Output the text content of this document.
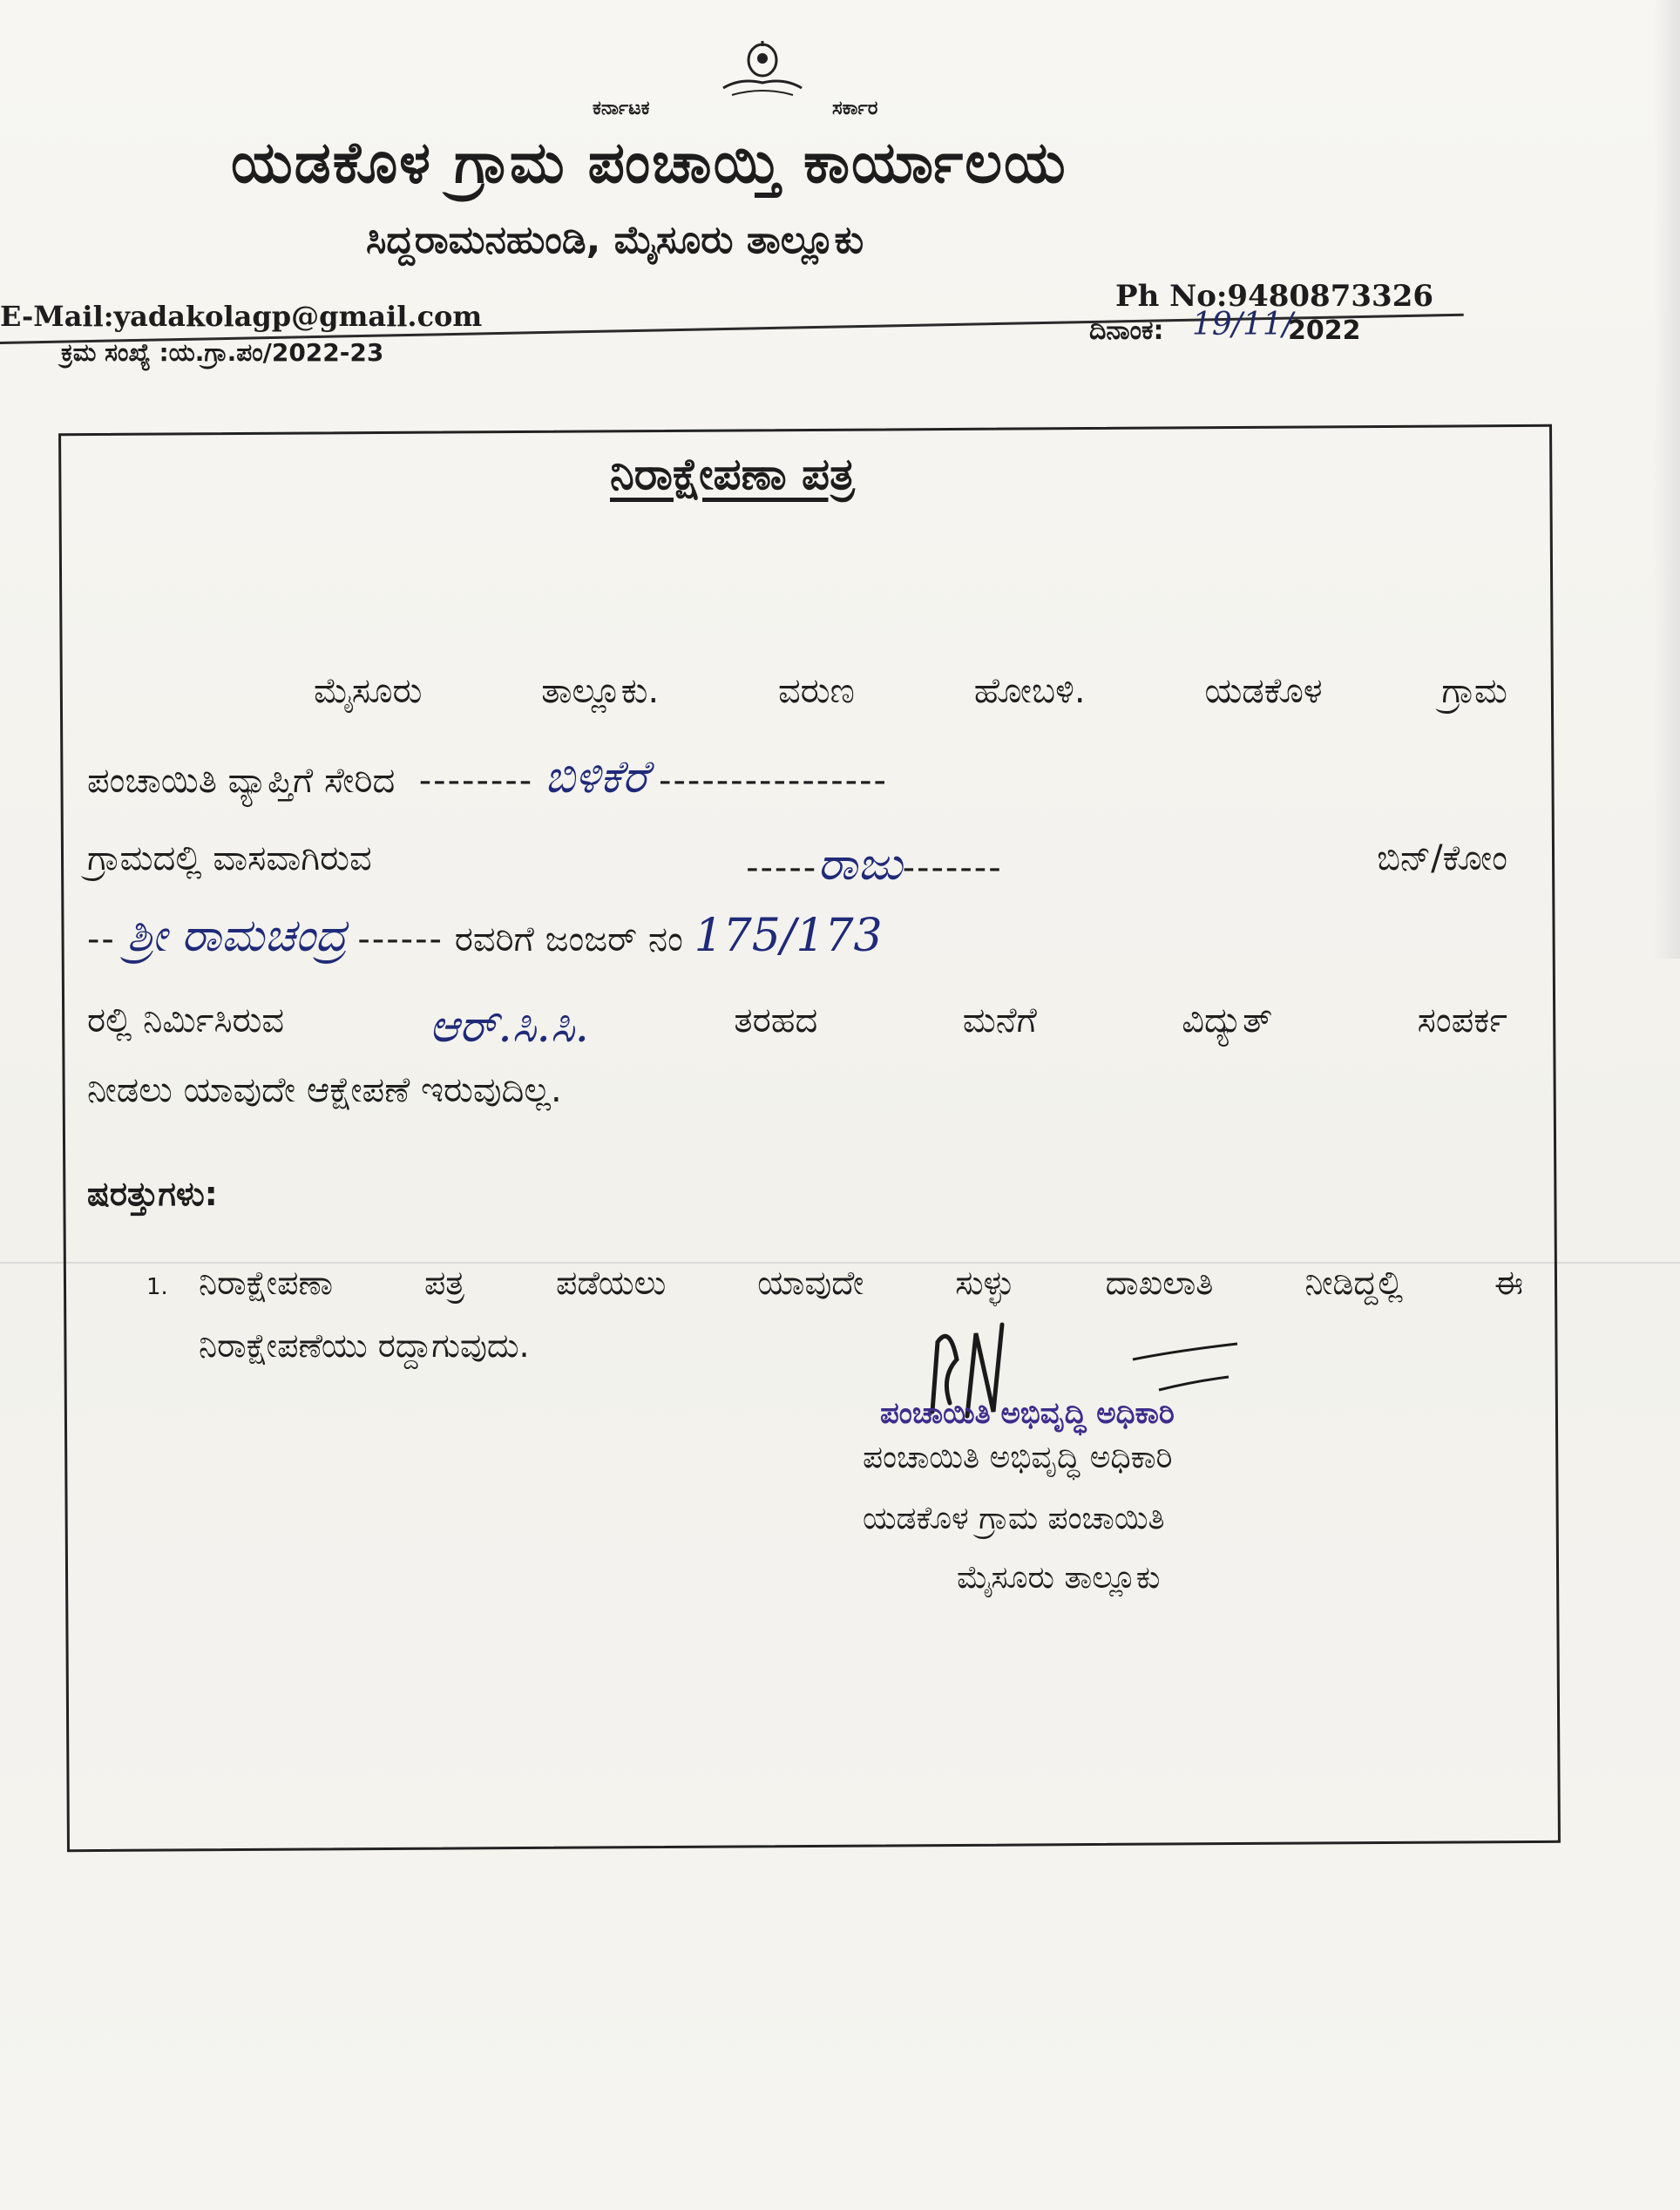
ಕರ್ನಾಟಕ	ಸರ್ಕಾರ
ಯಡಕೊಳ ಗ್ರಾಮ ಪಂಚಾಯ್ತಿ ಕಾರ್ಯಾಲಯ
ಸಿದ್ದರಾಮನಹುಂಡಿ, ಮೈಸೂರು ತಾಲ್ಲೂಕು
E-Mail:yadakolagp@gmail.com
Ph No:9480873326
ಕ್ರಮ ಸಂಖ್ಯೆ :ಯ.ಗ್ರಾ.ಪಂ/2022-23
ದಿನಾಂಕ: 19/11/
2022
ನಿರಾಕ್ಷೇಪಣಾ ಪತ್ರ
ಮೈಸೂರು	ತಾಲ್ಲೂಕು.	ವರುಣ	ಹೋಬಳಿ.	ಯಡಕೊಳ	ಗ್ರಾಮ
ಪಂಚಾಯಿತಿ ವ್ಯಾಪ್ತಿಗೆ ಸೇರಿದ  -------- ಬಿಳಿಕೆರೆ ----------------
ಗ್ರಾಮದಲ್ಲಿ ವಾಸವಾಗಿರುವ	-----ರಾಜು-------	ಬಿನ್/ಕೋಂ
-- ಶ್ರೀ ರಾಮಚಂದ್ರ ------ ರವರಿಗೆ ಜಂಜರ್ ನಂ 175/173
ರಲ್ಲಿ ನಿರ್ಮಿಸಿರುವ	ಆರ್.ಸಿ.ಸಿ.	ತರಹದ	ಮನೆಗೆ	ವಿದ್ಯುತ್	ಸಂಪರ್ಕ
ನೀಡಲು ಯಾವುದೇ ಆಕ್ಷೇಪಣೆ ಇರುವುದಿಲ್ಲ.
ಷರತ್ತುಗಳು:
1. ನಿರಾಕ್ಷೇಪಣಾ	ಪತ್ರ	ಪಡೆಯಲು	ಯಾವುದೇ	ಸುಳ್ಳು	ದಾಖಲಾತಿ	ನೀಡಿದ್ದಲ್ಲಿ	ಈ
ನಿರಾಕ್ಷೇಪಣೆಯು ರದ್ದಾಗುವುದು.
ಪಂಚಾಯಿತಿ ಅಭಿವೃದ್ಧಿ ಅಧಿಕಾರಿ
ಪಂಚಾಯಿತಿ ಅಭಿವೃದ್ಧಿ ಅಧಿಕಾರಿ
ಯಡಕೊಳ ಗ್ರಾಮ ಪಂಚಾಯಿತಿ
ಮೈಸೂರು ತಾಲ್ಲೂಕು
